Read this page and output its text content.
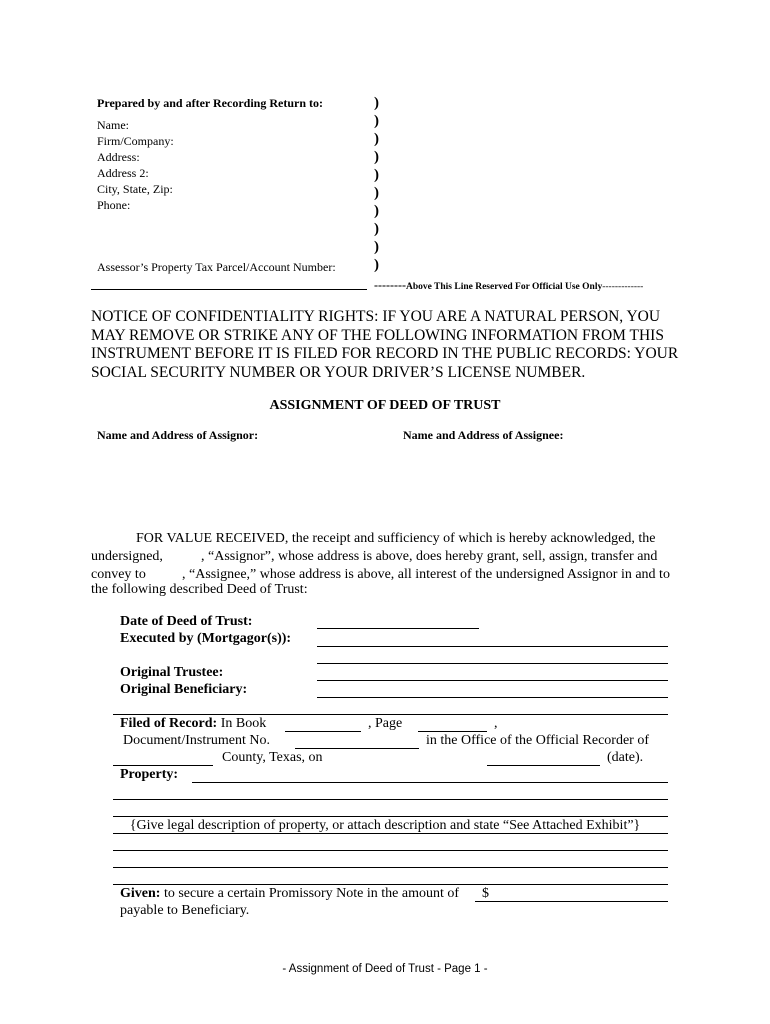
Prepared by and after Recording Return to:
Name:
Firm/Company:
Address:
Address 2:
City, State, Zip:
Phone:
)
)
)
)
)
)
)
)
)
)
Assessor’s Property Tax Parcel/Account Number:
--------Above This Line Reserved For Official Use Only-------------
NOTICE OF CONFIDENTIALITY RIGHTS: IF YOU ARE A NATURAL PERSON, YOU MAY REMOVE OR STRIKE ANY OF THE FOLLOWING INFORMATION FROM THIS INSTRUMENT BEFORE IT IS FILED FOR RECORD IN THE PUBLIC RECORDS: YOUR SOCIAL SECURITY NUMBER OR YOUR DRIVER’S LICENSE NUMBER.
ASSIGNMENT OF DEED OF TRUST
Name and Address of Assignor:	Name and Address of Assignee:
FOR VALUE RECEIVED, the receipt and sufficiency of which is hereby acknowledged, the
undersigned,	, “Assignor”, whose address is above, does hereby grant, sell, assign, transfer and
convey to	, “Assignee,” whose address is above, all interest of the undersigned Assignor in and to
the following described Deed of Trust:
Date of Deed of Trust:
Executed by (Mortgagor(s)):
Original Trustee:
Original Beneficiary:
Filed of Record: In Book	, Page	,
Document/Instrument No.	in the Office of the Official Recorder of
County, Texas, on	(date).
Property:
{Give legal description of property, or attach description and state “See Attached Exhibit”}
Given: to secure a certain Promissory Note in the amount of $
payable to Beneficiary.
- Assignment of Deed of Trust - Page 1 -
